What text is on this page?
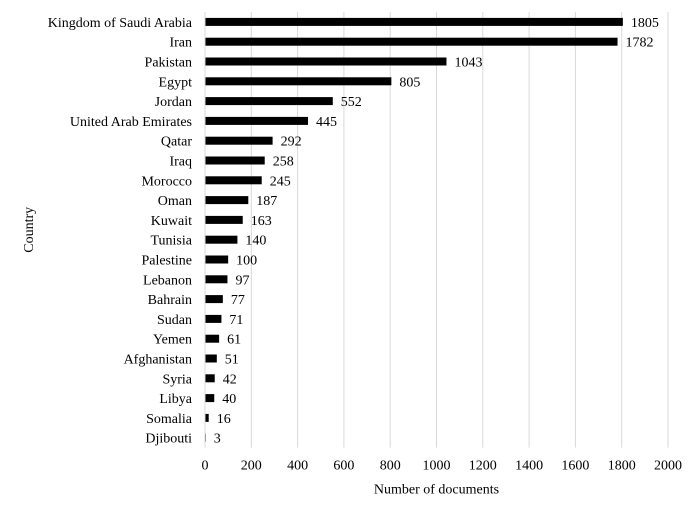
Kingdom of Saudi Arabia
Iran
Pakistan
Egypt
Jordan
United Arab Emirates
Qatar
Iraq
Morocco
Oman
Kuwait
Tunisia
Palestine
Lebanon
Bahrain
Sudan
Yemen
Afghanistan
Syria
Libya
Somalia
Djibouti
1805
1782
1043
805
552
445
292
258
245
187
163
140
100
97
77
71
61
51
42
40
16
3
0 200 400 600 800 1000 1200 1400 1600 1800 2000
Number of documents
Country
